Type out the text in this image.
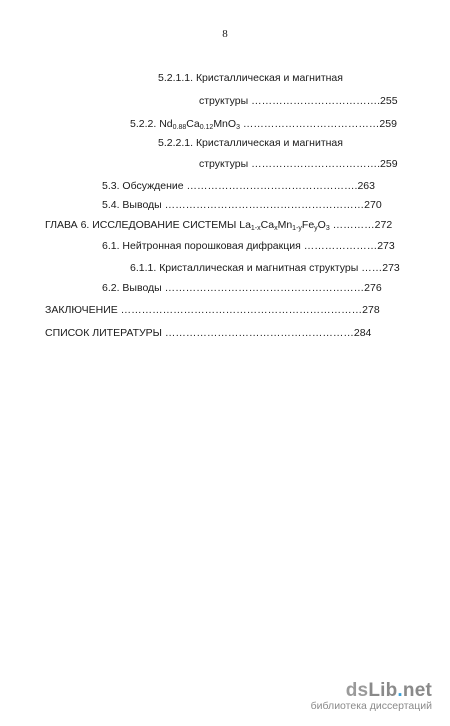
8
5.2.1.1. Кристаллическая и магнитная
структуры ……………………………….255
5.2.2. $Nd_{0.88}Ca_{0.12}MnO_3$ …………………………………259
5.2.2.1. Кристаллическая и магнитная
структуры ……………………………….259
5.3. Обсуждение ………………………………………….263
5.4. Выводы …………………………………………………270
ГЛАВА 6. ИССЛЕДОВАНИЕ СИСТЕМЫ $La_{1-x}Ca_xMn_{1-y}Fe_yO_3$ …………272
6.1. Нейтронная порошковая дифракция …………………273
6.1.1. Кристаллическая и магнитная структуры ……273
6.2. Выводы …………………………………………………276
ЗАКЛЮЧЕНИЕ ……………………………………………………………278
СПИСОК ЛИТЕРАТУРЫ ………………………………………………284
dsLib.net
библиотека диссертаций
